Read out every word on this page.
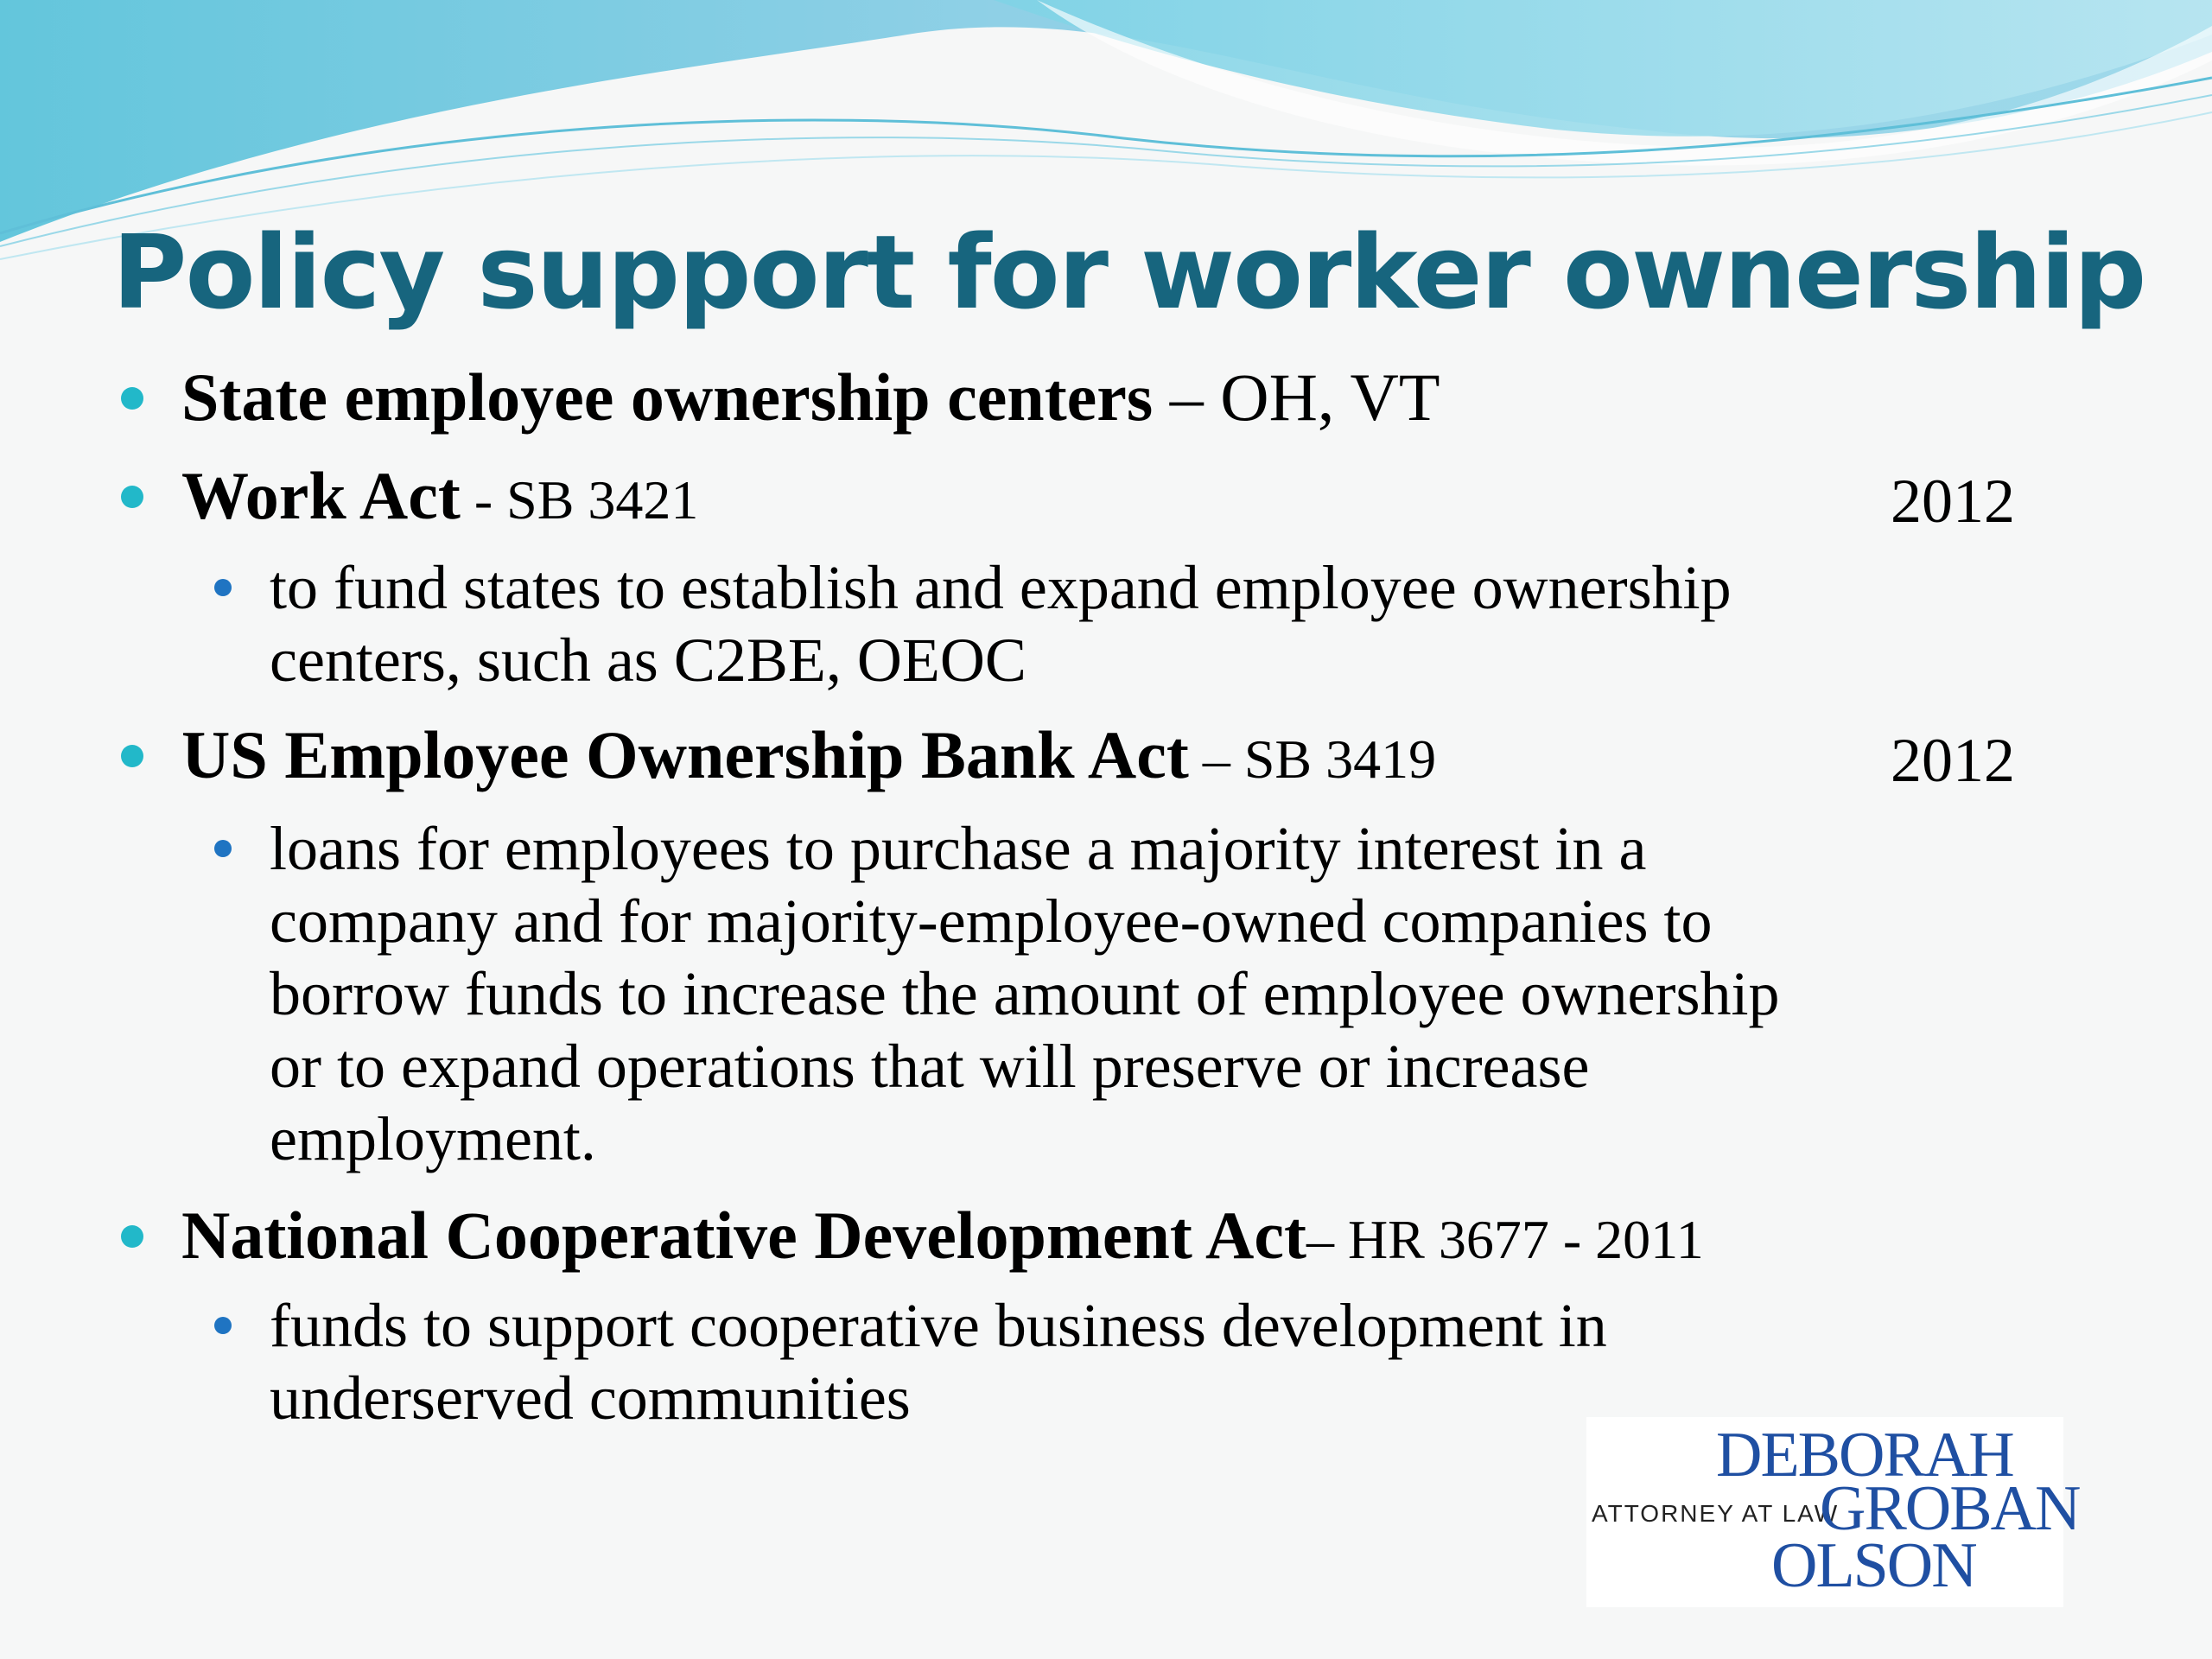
Policy support for worker ownership
State employee ownership centers – OH, VT
Work Act - SB 3421	2012
to fund states to establish and expand employee ownership
centers, such as C2BE, OEOC
US Employee Ownership Bank Act – SB 3419	2012
loans for employees to purchase a majority interest in a
company and for majority-employee-owned companies to
borrow funds to increase the amount of employee ownership
or to expand operations that will preserve or increase
employment.
National Cooperative Development Act– HR 3677 - 2011
funds to support cooperative business development in
underserved communities
DEBORAH
ATTORNEY AT LAW
GROBAN
OLSON
